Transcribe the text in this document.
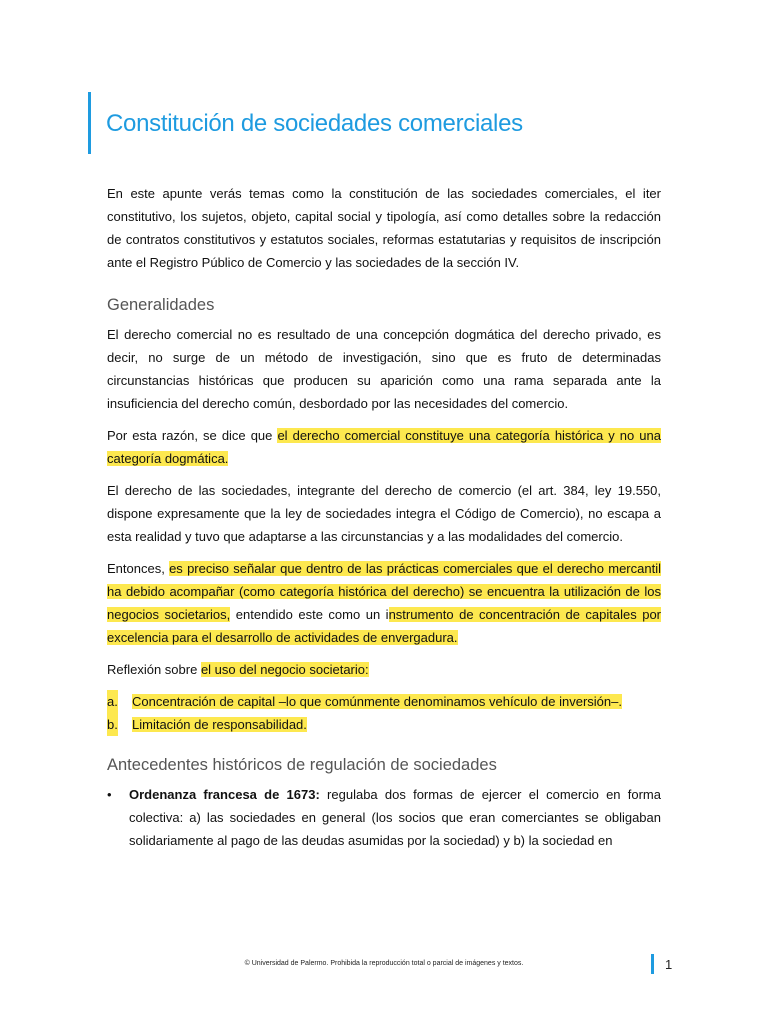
Constitución de sociedades comerciales

En este apunte verás temas como la constitución de las sociedades comerciales, el iter constitutivo, los sujetos, objeto, capital social y tipología, así como detalles sobre la redacción de contratos constitutivos y estatutos sociales, reformas estatutarias y requisitos de inscripción ante el Registro Público de Comercio y las sociedades de la sección IV.

Generalidades

El derecho comercial no es resultado de una concepción dogmática del derecho privado, es decir, no surge de un método de investigación, sino que es fruto de determinadas circunstancias históricas que producen su aparición como una rama separada ante la insuficiencia del derecho común, desbordado por las necesidades del comercio.

Por esta razón, se dice que el derecho comercial constituye una categoría histórica y no una categoría dogmática.

El derecho de las sociedades, integrante del derecho de comercio (el art. 384, ley 19.550, dispone expresamente que la ley de sociedades integra el Código de Comercio), no escapa a esta realidad y tuvo que adaptarse a las circunstancias y a las modalidades del comercio.

Entonces, es preciso señalar que dentro de las prácticas comerciales que el derecho mercantil ha debido acompañar (como categoría histórica del derecho) se encuentra la utilización de los negocios societarios, entendido este como un instrumento de concentración de capitales por excelencia para el desarrollo de actividades de envergadura.

Reflexión sobre el uso del negocio societario:

a. Concentración de capital –lo que comúnmente denominamos vehículo de inversión–.
b. Limitación de responsabilidad.
Antecedentes históricos de regulación de sociedades
• Ordenanza francesa de 1673: regulaba dos formas de ejercer el comercio en forma colectiva: a) las sociedades en general (los socios que eran comerciantes se obligaban solidariamente al pago de las deudas asumidas por la sociedad) y b) la sociedad en
© Universidad de Palermo. Prohibida la reproducción total o parcial de imágenes y textos.	1
